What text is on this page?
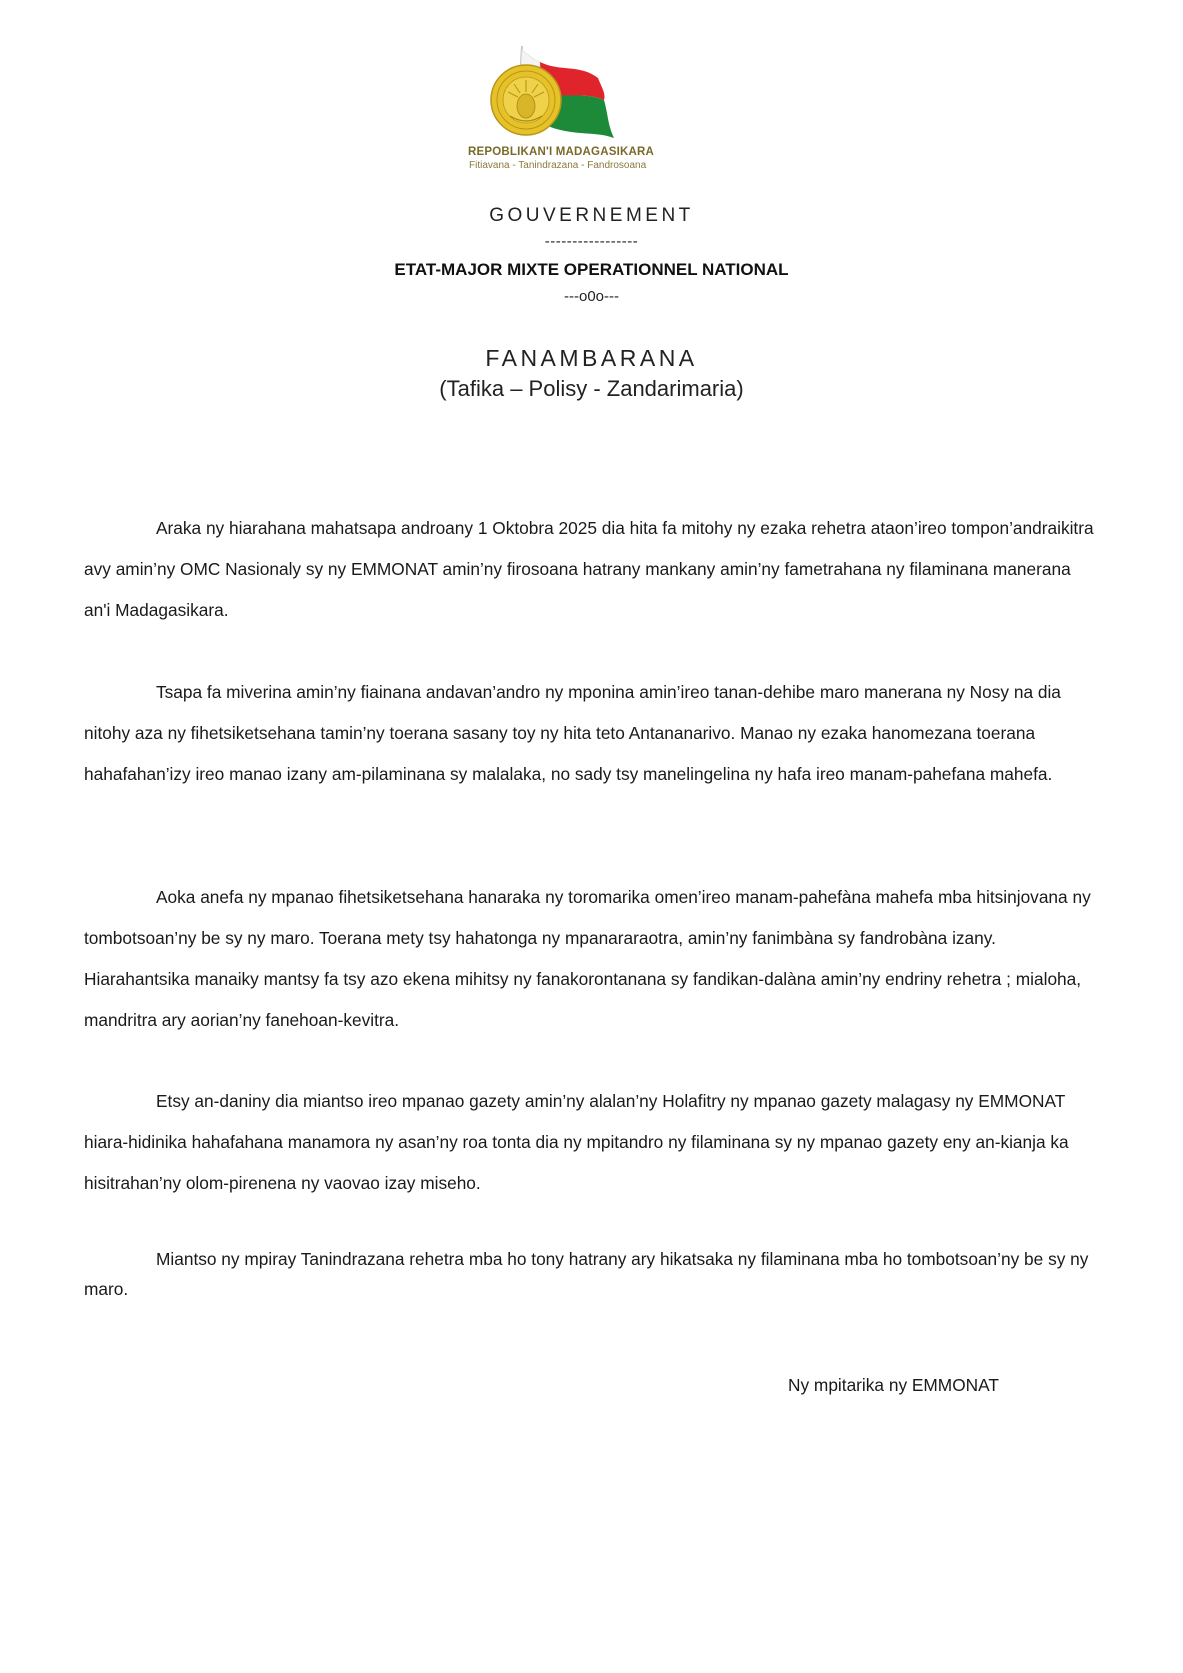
REPOBLIKAN'I MADAGASIKARA
Fitiavana - Tanindrazana - Fandrosoana
GOUVERNEMENT
-----------------
ETAT-MAJOR MIXTE OPERATIONNEL NATIONAL
---o0o---
FANAMBARANA
(Tafika – Polisy - Zandarimaria)
Araka ny hiarahana mahatsapa androany 1 Oktobra 2025 dia hita fa mitohy ny ezaka rehetra ataon’ireo tompon’andraikitra avy amin’ny OMC Nasionaly sy ny EMMONAT amin’ny firosoana hatrany mankany amin’ny fametrahana ny filaminana manerana an'i Madagasikara.
Tsapa fa miverina amin’ny fiainana andavan’andro ny mponina amin’ireo tanan-dehibe maro manerana ny Nosy na dia nitohy aza ny fihetsiketsehana tamin’ny toerana sasany toy ny hita teto Antananarivo. Manao ny ezaka hanomezana toerana hahafahan’izy ireo manao izany am-pilaminana sy malalaka, no sady tsy manelingelina ny hafa ireo manam-pahefana mahefa.
Aoka anefa ny mpanao fihetsiketsehana hanaraka ny toromarika omen’ireo manam-pahefàna mahefa mba hitsinjovana ny tombotsoan’ny be sy ny maro. Toerana mety tsy hahatonga ny mpanararaotra, amin’ny fanimbàna sy fandrobàna izany. Hiarahantsika manaiky mantsy fa tsy azo ekena mihitsy ny fanakorontanana sy fandikan-dalàna amin’ny endriny rehetra ; mialoha, mandritra ary aorian’ny fanehoan-kevitra.
Etsy an-daniny dia miantso ireo mpanao gazety amin’ny alalan’ny Holafitry ny mpanao gazety malagasy ny EMMONAT hiara-hidinika hahafahana manamora ny asan’ny roa tonta dia ny mpitandro ny filaminana sy ny mpanao gazety eny an-kianja ka hisitrahan’ny olom-pirenena ny vaovao izay miseho.
Miantso ny mpiray Tanindrazana rehetra mba ho tony hatrany ary hikatsaka ny filaminana mba ho tombotsoan’ny be sy ny maro.
Ny mpitarika ny EMMONAT
